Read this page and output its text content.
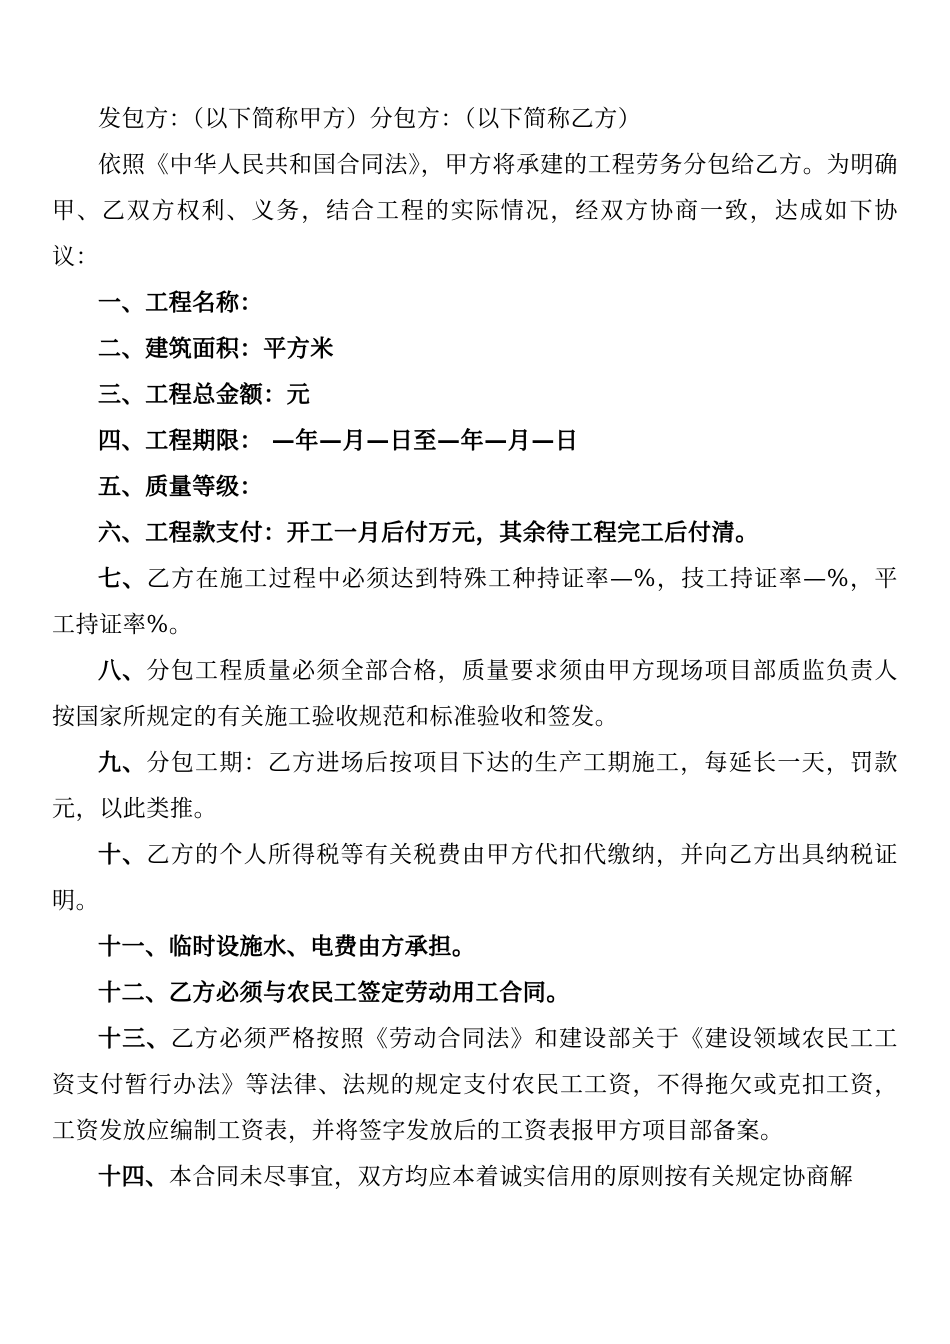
发包方：（以下简称甲方）分包方：（以下简称乙方）

依照《中华人民共和国合同法》，甲方将承建的工程劳务分包给乙方。为明确甲、乙双方权利、义务，结合工程的实际情况，经双方协商一致，达成如下协议：

一、工程名称：

二、建筑面积：平方米

三、工程总金额：元

四、工程期限： —年—月—日至—年—月—日

五、质量等级：

六、工程款支付：开工一月后付万元，其余待工程完工后付清。

七、乙方在施工过程中必须达到特殊工种持证率—%，技工持证率—%，平 工持证率%。

八、分包工程质量必须全部合格，质量要求须由甲方现场项目部质监负责人按国家所规定的有关施工验收规范和标准验收和签发。

九、分包工期：乙方进场后按项目下达的生产工期施工，每延长一天，罚款元，以此类推。

十、乙方的个人所得税等有关税费由甲方代扣代缴纳，并向乙方出具纳税证明。

十一、临时设施水、电费由方承担。

十二、乙方必须与农民工签定劳动用工合同。

十三、乙方必须严格按照《劳动合同法》和建设部关于《建设领域农民工工资支付暂行办法》等法律、法规的规定支付农民工工资，不得拖欠或克扣工资，工资发放应编制工资表，并将签字发放后的工资表报甲方项目部备案。

十四、本合同未尽事宜，双方均应本着诚实信用的原则按有关规定协商解
